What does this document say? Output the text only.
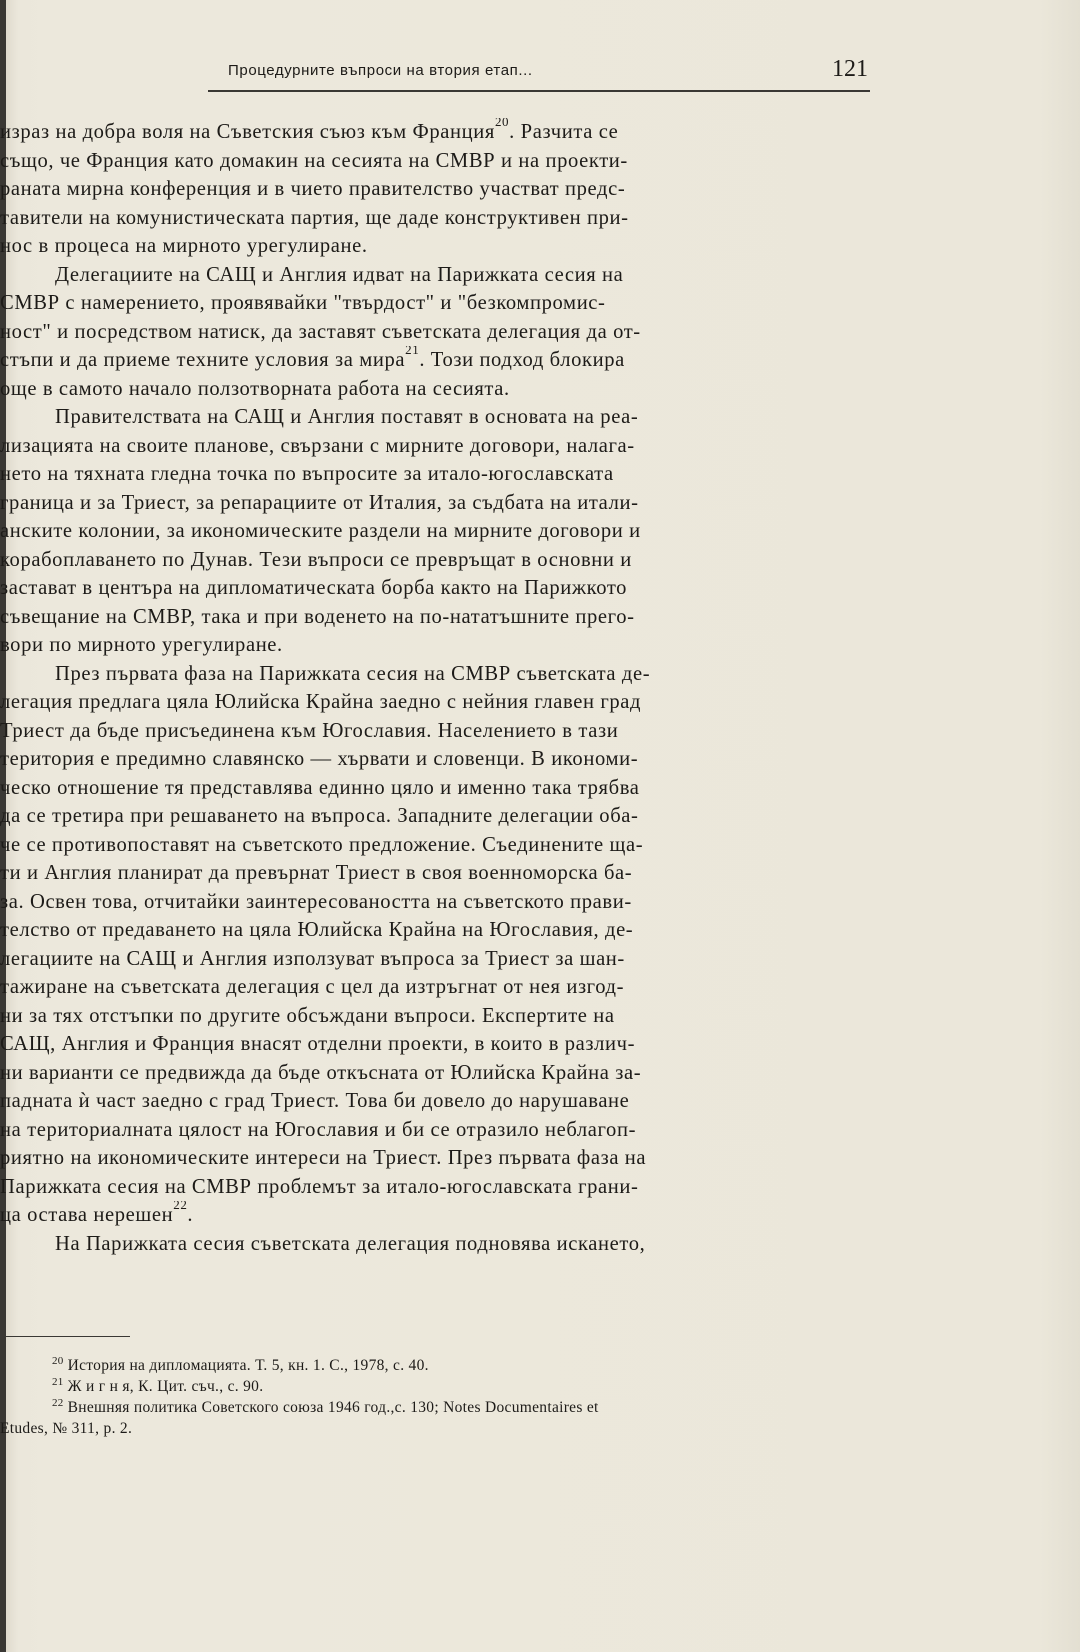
Процедурните въпроси на втория етап...	121
израз на добра воля на Съветския съюз към Франция$^{20}$. Разчита се
също, че Франция като домакин на сесията на СМВР и на проекти-
раната мирна конференция и в чието правителство участват предс-
тавители на комунистическата партия, ще даде конструктивен при-
нос в процеса на мирното урегулиране.
Делегациите на САЩ и Англия идват на Парижката сесия на
СМВР с намерението, проявявайки "твърдост" и "безкомпромис-
ност" и посредством натиск, да заставят съветската делегация да от-
стъпи и да приеме техните условия за мира$^{21}$. Този подход блокира
още в самото начало ползотворната работа на сесията.
Правителствата на САЩ и Англия поставят в основата на реа-
лизацията на своите планове, свързани с мирните договори, налага-
нето на тяхната гледна точка по въпросите за итало-югославската
граница и за Триест, за репарациите от Италия, за съдбата на итали-
анските колонии, за икономическите раздели на мирните договори и
корабоплаването по Дунав. Тези въпроси се превръщат в основни и
застават в центъра на дипломатическата борба както на Парижкото
съвещание на СМВР, така и при воденето на по-нататъшните прего-
вори по мирното урегулиране.
През първата фаза на Парижката сесия на СМВР съветската де-
легация предлага цяла Юлийска Крайна заедно с нейния главен град
Триест да бъде присъединена към Югославия. Населението в тази
територия е предимно славянско — хървати и словенци. В икономи-
ческо отношение тя представлява единно цяло и именно така трябва
да се третира при решаването на въпроса. Западните делегации оба-
че се противопоставят на съветското предложение. Съединените ща-
ти и Англия планират да превърнат Триест в своя военноморска ба-
за. Освен това, отчитайки заинтересоваността на съветското прави-
телство от предаването на цяла Юлийска Крайна на Югославия, де-
легациите на САЩ и Англия използуват въпроса за Триест за шан-
тажиране на съветската делегация с цел да изтръгнат от нея изгод-
ни за тях отстъпки по другите обсъждани въпроси. Експертите на
САЩ, Англия и Франция внасят отделни проекти, в които в различ-
ни варианти се предвижда да бъде откъсната от Юлийска Крайна за-
падната ѝ част заедно с град Триест. Това би довело до нарушаване
на териториалната цялост на Югославия и би се отразило неблагоп-
риятно на икономическите интереси на Триест. През първата фаза на
Парижката сесия на СМВР проблемът за итало-югославската грани-
ца остава нерешен$^{22}$.
На Парижката сесия съветската делегация подновява искането,
$^{20}$ История на дипломацията. Т. 5, кн. 1. С., 1978, с. 40.
$^{21}$ Ж и г н я, К. Цит. съч., с. 90.
$^{22}$ Внешняя политика Советского союза 1946 год.,с. 130; Notes Documentaires et
Etudes, № 311, p. 2.
